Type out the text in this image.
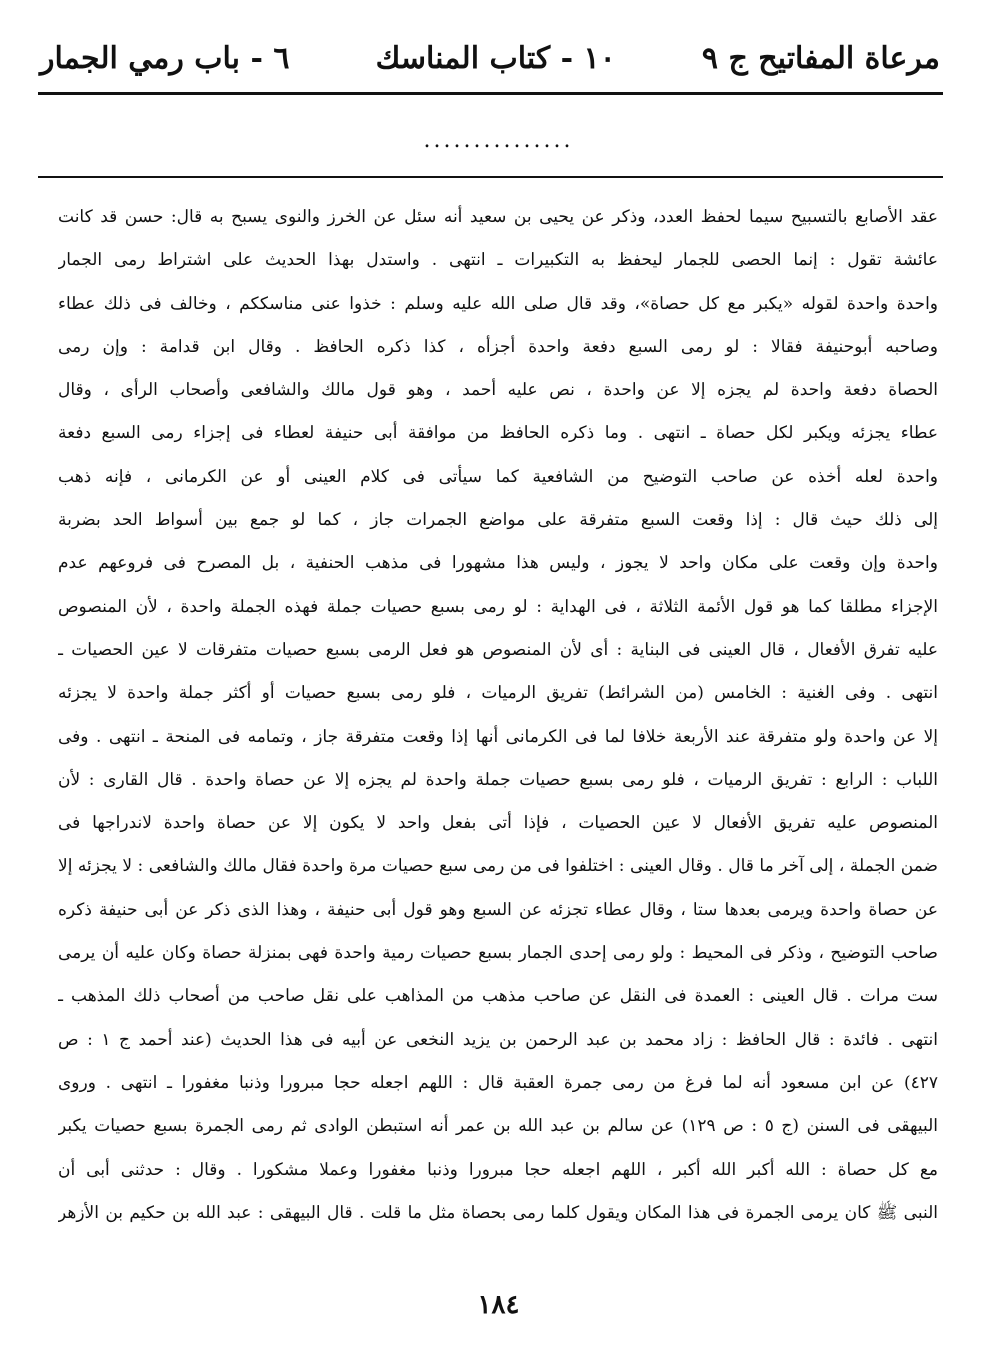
مرعاة المفاتيح ج ٩
١٠ - كتاب المناسك
٦ - باب رمي الجمار
...............
عقد الأصابع بالتسبيح سيما لحفظ العدد، وذكر عن يحيى بن سعيد أنه سئل عن الخرز والنوى يسبح به قال: حسن قد كانت
عائشة تقول : إنما الحصى للجمار ليحفظ به التكبيرات ـ انتهى . واستدل بهذا الحديث على اشتراط رمى الجمار
واحدة واحدة لقوله «يكبر مع كل حصاة»، وقد قال صلى الله عليه وسلم : خذوا عنى مناسككم ، وخالف فى ذلك عطاء
وصاحبه أبوحنيفة فقالا : لو رمى السبع دفعة واحدة أجزأه ، كذا ذكره الحافظ . وقال ابن قدامة : وإن رمى
الحصاة دفعة واحدة لم يجزه إلا عن واحدة ، نص عليه أحمد ، وهو قول مالك والشافعى وأصحاب الرأى ، وقال
عطاء يجزئه ويكبر لكل حصاة ـ انتهى . وما ذكره الحافظ من موافقة أبى حنيفة لعطاء فى إجزاء رمى السبع دفعة
واحدة لعله أخذه عن صاحب التوضيح من الشافعية كما سيأتى فى كلام العينى أو عن الكرمانى ، فإنه ذهب
إلى ذلك حيث قال : إذا وقعت السبع متفرقة على مواضع الجمرات جاز ، كما لو جمع بين أسواط الحد بضربة
واحدة وإن وقعت على مكان واحد لا يجوز ، وليس هذا مشهورا فى مذهب الحنفية ، بل المصرح فى فروعهم عدم
الإجزاء مطلقا كما هو قول الأئمة الثلاثة ، فى الهداية : لو رمى بسبع حصيات جملة فهذه الجملة واحدة ، لأن المنصوص
عليه تفرق الأفعال ، قال العينى فى البناية : أى لأن المنصوص هو فعل الرمى بسبع حصيات متفرقات لا عين الحصيات ـ
انتهى . وفى الغنية : الخامس (من الشرائط) تفريق الرميات ، فلو رمى بسبع حصيات أو أكثر جملة واحدة لا يجزئه
إلا عن واحدة ولو متفرقة عند الأربعة خلافا لما فى الكرمانى أنها إذا وقعت متفرقة جاز ، وتمامه فى المنحة ـ انتهى . وفى
اللباب : الرابع : تفريق الرميات ، فلو رمى بسبع حصيات جملة واحدة لم يجزه إلا عن حصاة واحدة . قال القارى : لأن
المنصوص عليه تفريق الأفعال لا عين الحصيات ، فإذا أتى بفعل واحد لا يكون إلا عن حصاة واحدة لاندراجها فى
ضمن الجملة ، إلى آخر ما قال . وقال العينى : اختلفوا فى من رمى سبع حصيات مرة واحدة فقال مالك والشافعى : لا يجزئه إلا
عن حصاة واحدة ويرمى بعدها ستا ، وقال عطاء تجزئه عن السبع وهو قول أبى حنيفة ، وهذا الذى ذكر عن أبى حنيفة ذكره
صاحب التوضيح ، وذكر فى المحيط : ولو رمى إحدى الجمار بسبع حصيات رمية واحدة فهى بمنزلة حصاة وكان عليه أن يرمى
ست مرات . قال العينى : العمدة فى النقل عن صاحب مذهب من المذاهب على نقل صاحب من أصحاب ذلك المذهب ـ
انتهى . فائدة : قال الحافظ : زاد محمد بن عبد الرحمن بن يزيد النخعى عن أبيه فى هذا الحديث (عند أحمد ج ١ : ص
٤٢٧) عن ابن مسعود أنه لما فرغ من رمى جمرة العقبة قال : اللهم اجعله حجا مبرورا وذنبا مغفورا ـ انتهى . وروى
البيهقى فى السنن (ج ٥ : ص ١٢٩) عن سالم بن عبد الله بن عمر أنه استبطن الوادى ثم رمى الجمرة بسبع حصيات يكبر
مع كل حصاة : الله أكبر الله أكبر ، اللهم اجعله حجا مبرورا وذنبا مغفورا وعملا مشكورا . وقال : حدثنى أبى أن
النبى ﷺ كان يرمى الجمرة فى هذا المكان ويقول كلما رمى بحصاة مثل ما قلت . قال البيهقى : عبد الله بن حكيم بن الأزهر
١٨٤
